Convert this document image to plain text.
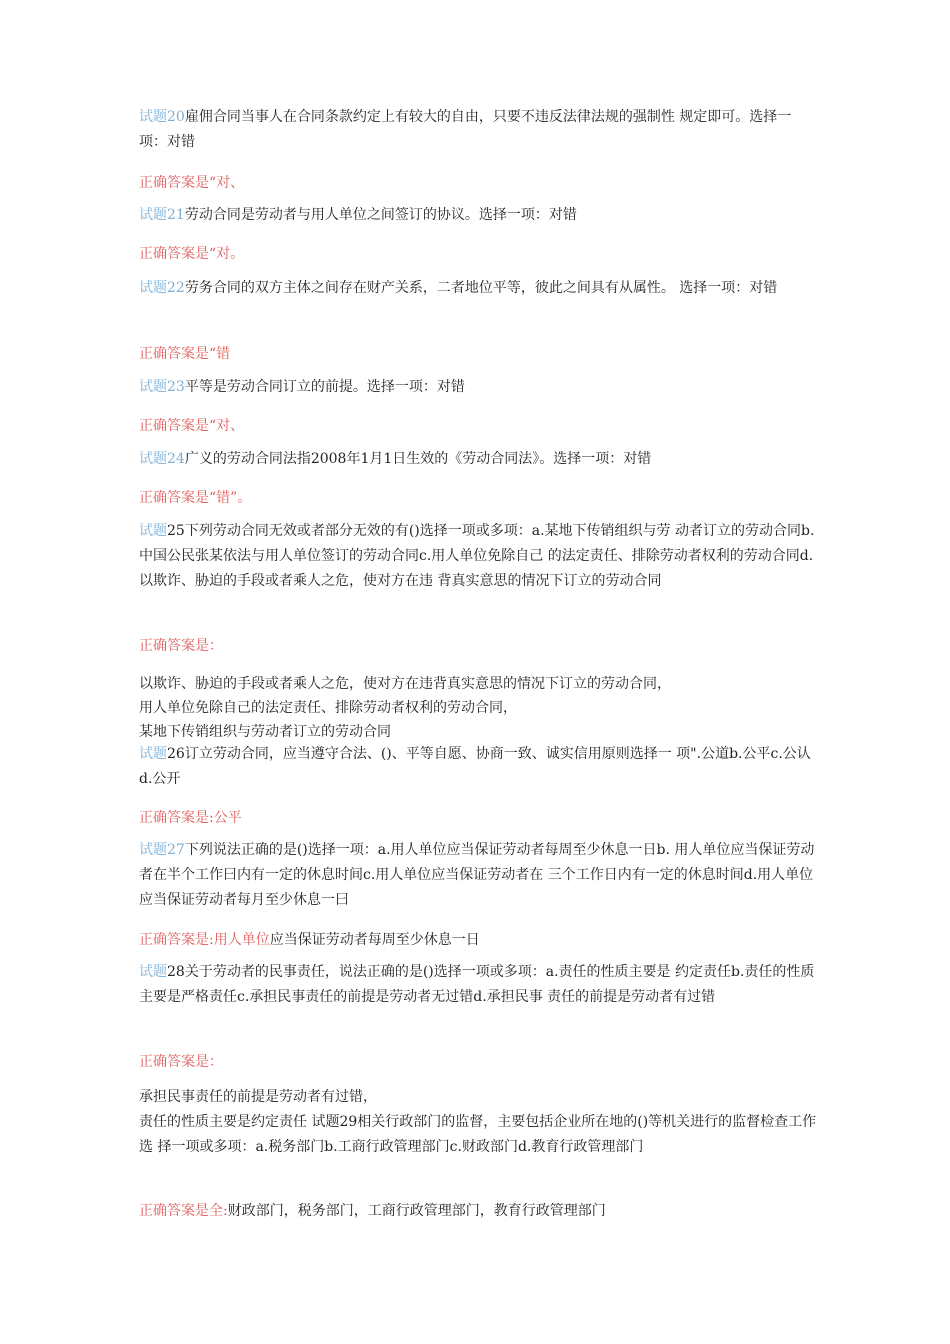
试题20雇佣合同当事人在合同条款约定上有较大的自由，只要不违反法律法规的强制性 规定即可。选择一项：对错

正确答案是“对、

试题21劳动合同是劳动者与用人单位之间签订的协议。选择一项：对错

正确答案是“对。

试题22劳务合同的双方主体之间存在财产关系，二者地位平等，彼此之间具有从属性。 选择一项：对错

正确答案是“错

试题23平等是劳动合同订立的前提。选择一项：对错

正确答案是“对、

试题24广义的劳动合同法指2008年1月1日生效的《劳动合同法》。选择一项：对错

正确答案是“错”。

试题25下列劳动合同无效或者部分无效的有()选择一项或多项：a.某地下传销组织与劳 动者订立的劳动合同b.中国公民张某依法与用人单位签订的劳动合同c.用人单位免除自己 的法定责任、排除劳动者权利的劳动合同d.以欺诈、胁迫的手段或者乘人之危，使对方在违 背真实意思的情况下订立的劳动合同

正确答案是：

以欺诈、胁迫的手段或者乘人之危，使对方在违背真实意思的情况下订立的劳动合同，

用人单位免除自己的法定责任、排除劳动者权利的劳动合同，

某地下传销组织与劳动者订立的劳动合同

试题26订立劳动合同，应当遵守合法、()、平等自愿、协商一致、诚实信用原则选择一 项".公道b.公平c.公认d.公开

正确答案是:公平

试题27下列说法正确的是()选择一项：a.用人单位应当保证劳动者每周至少休息一日b. 用人单位应当保证劳动者在半个工作曰内有一定的休息时间c.用人单位应当保证劳动者在 三个工作日内有一定的休息时间d.用人单位应当保证劳动者每月至少休息一曰

正确答案是:用人单位应当保证劳动者每周至少休息一日

试题28关于劳动者的民事责任，说法正确的是()选择一项或多项：a.责任的性质主要是 约定责任b.责任的性质主要是严格责任c.承担民事责任的前提是劳动者无过错d.承担民事 责任的前提是劳动者有过错

正确答案是：

承担民事责任的前提是劳动者有过错，

责任的性质主要是约定责任 试题29相关行政部门的监督，主要包括企业所在地的()等机关进行的监督检查工作选 择一项或多项：a.税务部门b.工商行政管理部门c.财政部门d.教育行政管理部门

正确答案是全:财政部门，税务部门，工商行政管理部门，教育行政管理部门
